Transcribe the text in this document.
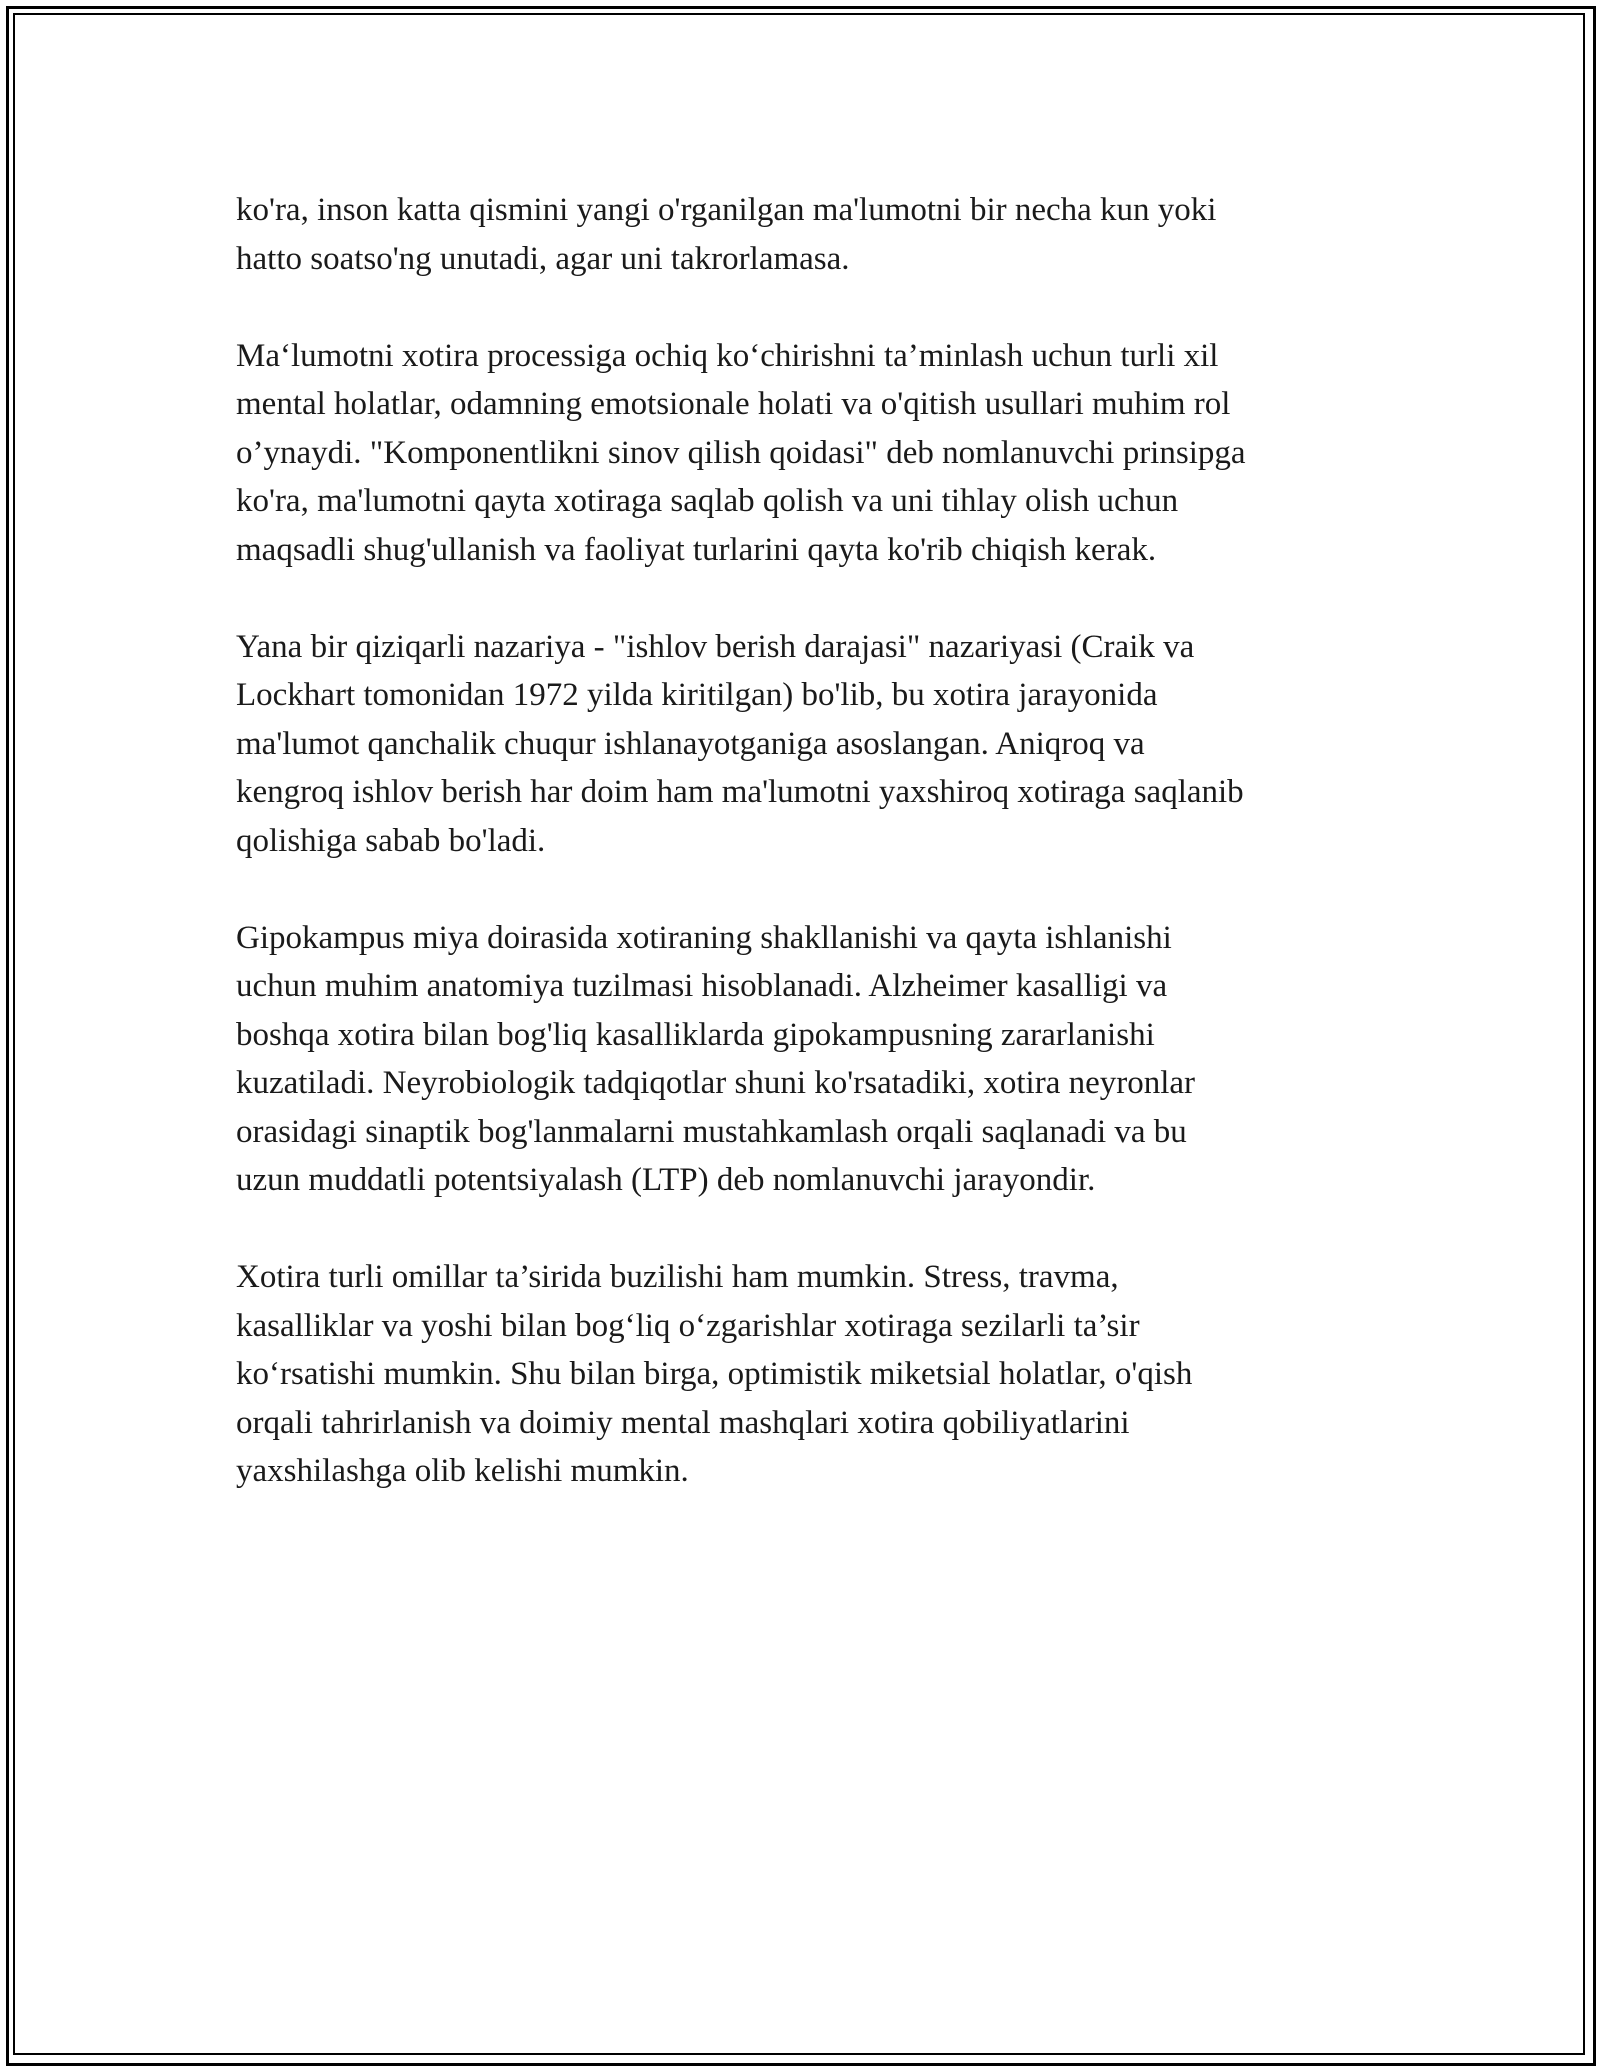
ko'ra, inson katta qismini yangi o'rganilgan ma'lumotni bir necha kun yoki
hatto soatso'ng unutadi, agar uni takrorlamasa.

Ma‘lumotni xotira processiga ochiq ko‘chirishni ta’minlash uchun turli xil
mental holatlar, odamning emotsionale holati va o'qitish usullari muhim rol
o’ynaydi. "Komponentlikni sinov qilish qoidasi" deb nomlanuvchi prinsipga
ko'ra, ma'lumotni qayta xotiraga saqlab qolish va uni tihlay olish uchun
maqsadli shug'ullanish va faoliyat turlarini qayta ko'rib chiqish kerak.

Yana bir qiziqarli nazariya - "ishlov berish darajasi" nazariyasi (Craik va
Lockhart tomonidan 1972 yilda kiritilgan) bo'lib, bu xotira jarayonida
ma'lumot qanchalik chuqur ishlanayotganiga asoslangan. Aniqroq va
kengroq ishlov berish har doim ham ma'lumotni yaxshiroq xotiraga saqlanib
qolishiga sabab bo'ladi.

Gipokampus miya doirasida xotiraning shakllanishi va qayta ishlanishi
uchun muhim anatomiya tuzilmasi hisoblanadi. Alzheimer kasalligi va
boshqa xotira bilan bog'liq kasalliklarda gipokampusning zararlanishi
kuzatiladi. Neyrobiologik tadqiqotlar shuni ko'rsatadiki, xotira neyronlar
orasidagi sinaptik bog'lanmalarni mustahkamlash orqali saqlanadi va bu
uzun muddatli potentsiyalash (LTP) deb nomlanuvchi jarayondir.

Xotira turli omillar ta’sirida buzilishi ham mumkin. Stress, travma,
kasalliklar va yoshi bilan bog‘liq o‘zgarishlar xotiraga sezilarli ta’sir
ko‘rsatishi mumkin. Shu bilan birga, optimistik miketsial holatlar, o'qish
orqali tahrirlanish va doimiy mental mashqlari xotira qobiliyatlarini
yaxshilashga olib kelishi mumkin.
